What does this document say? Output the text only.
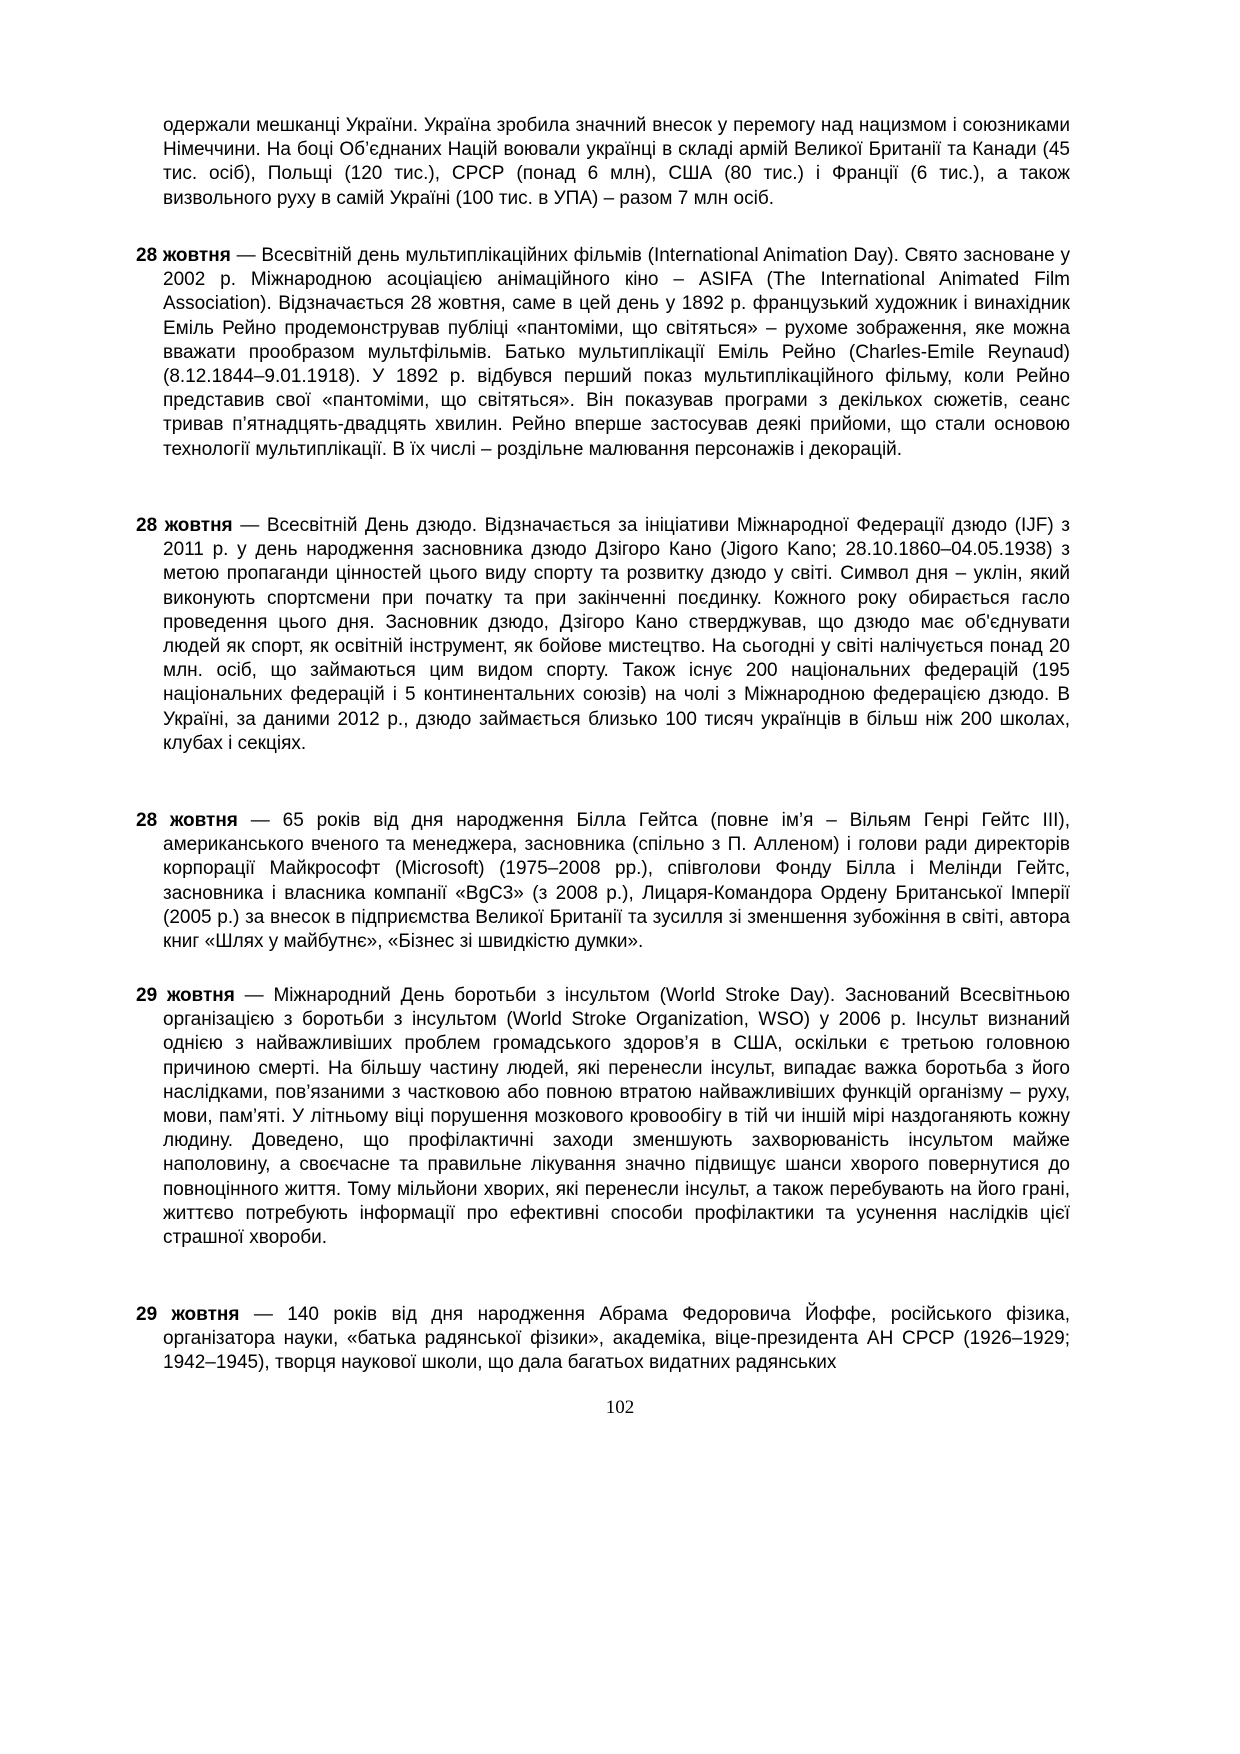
одержали мешканці України. Україна зробила значний внесок у перемогу над нацизмом і союзниками Німеччини. На боці Об’єднаних Націй воювали українці в складі армій Великої Британії та Канади (45 тис. осіб), Польщі (120 тис.), СРСР (понад 6 млн), США (80 тис.) і Франції (6 тис.), а також визвольного руху в самій Україні (100 тис. в УПА) – разом 7 млн осіб.

28 жовтня — Всесвітній день мультиплікаційних фільмів (International Animation Day). Свято засноване у 2002 р. Міжнародною асоціацією анімаційного кіно – ASIFA (The International Animated Film Association). Відзначається 28 жовтня, саме в цей день у 1892 р. французький художник і винахідник Еміль Рейно продемонстрував публіці «пантоміми, що світяться» – рухоме зображення, яке можна вважати прообразом мультфільмів. Батько мультиплікації Еміль Рейно (Charles-Emile Reynaud) (8.12.1844–9.01.1918). У 1892 р. відбувся перший показ мультиплікаційного фільму, коли Рейно представив свої «пантоміми, що світяться». Він показував програми з декількох сюжетів, сеанс тривав п’ятнадцять-двадцять хвилин. Рейно вперше застосував деякі прийоми, що стали основою технології мультиплікації. В їх числі – роздільне малювання персонажів і декорацій.

28 жовтня — Всесвітній День дзюдо. Відзначається за ініціативи Міжнародної Федерації дзюдо (IJF) з 2011 р. у день народження засновника дзюдо Дзігоро Кано (Jigoro Kano; 28.10.1860–04.05.1938) з метою пропаганди цінностей цього виду спорту та розвитку дзюдо у світі. Символ дня – уклін, який виконують спортсмени при початку та при закінченні поєдинку. Кожного року обирається гасло проведення цього дня. Засновник дзюдо, Дзігоро Кано стверджував, що дзюдо має об'єднувати людей як спорт, як освітній інструмент, як бойове мистецтво. На сьогодні у світі налічується понад 20 млн. осіб, що займаються цим видом спорту. Також існує 200 національних федерацій (195 національних федерацій і 5 континентальних союзів) на чолі з Міжнародною федерацією дзюдо. В Україні, за даними 2012 р., дзюдо займається близько 100 тисяч українців в більш ніж 200 школах, клубах і секціях.

28 жовтня — 65 років від дня народження Білла Гейтса (повне ім’я – Вільям Генрі Гейтс III), американського вченого та менеджера, засновника (спільно з П. Алленом) і голови ради директорів корпорації Майкрософт (Microsoft) (1975–2008 рр.), співголови Фонду Білла і Мелінди Гейтс, засновника і власника компанії «BgC3» (з 2008 р.), Лицаря-Командора Ордену Британської Імперії (2005 р.) за внесок в підприємства Великої Британії та зусилля зі зменшення зубожіння в світі, автора книг «Шлях у майбутнє», «Бізнес зі швидкістю думки».

29 жовтня — Міжнародний День боротьби з інсультом (World Stroke Day). Заснований Всесвітньою організацією з боротьби з інсультом (World Stroke Organization, WSO) у 2006 р. Інсульт визнаний однією з найважливіших проблем громадського здоров’я в США, оскільки є третьою головною причиною смерті. На більшу частину людей, які перенесли інсульт, випадає важка боротьба з його наслідками, пов’язаними з частковою або повною втратою найважливіших функцій організму – руху, мови, пам’яті. У літньому віці порушення мозкового кровообігу в тій чи іншій мірі наздоганяють кожну людину. Доведено, що профілактичні заходи зменшують захворюваність інсультом майже наполовину, а своєчасне та правильне лікування значно підвищує шанси хворого повернутися до повноцінного життя. Тому мільйони хворих, які перенесли інсульт, а також перебувають на його грані, життєво потребують інформації про ефективні способи профілактики та усунення наслідків цієї страшної хвороби.

29 жовтня — 140 років від дня народження Абрама Федоровича Йоффе, російського фізика, організатора науки, «батька радянської фізики», академіка, віце-президента АН СРСР (1926–1929; 1942–1945), творця наукової школи, що дала багатьох видатних радянських

102
